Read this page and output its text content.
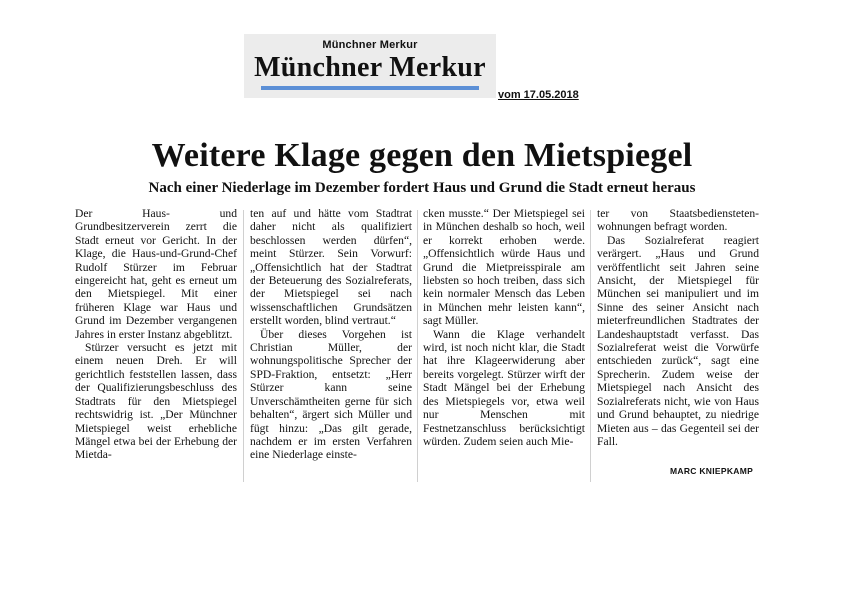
Münchner Merkur
Münchner Merkur
vom 17.05.2018
Weitere Klage gegen den Mietspiegel
Nach einer Niederlage im Dezember fordert Haus und Grund die Stadt erneut heraus

Der Haus- und Grundbesitzerverein zerrt die Stadt erneut vor Gericht. In der Klage, die Haus-und-Grund-Chef Rudolf Stürzer im Februar eingereicht hat, geht es erneut um den Mietspiegel. Mit einer früheren Klage war Haus und Grund im Dezember vergangenen Jahres in erster Instanz abgeblitzt.

Stürzer versucht es jetzt mit einem neuen Dreh. Er will gerichtlich feststellen lassen, dass der Qualifizierungsbeschluss des Stadtrats für den Mietspiegel rechtswidrig ist. „Der Münchner Mietspiegel weist erhebliche Mängel etwa bei der Erhebung der Mietda-

ten auf und hätte vom Stadtrat daher nicht als qualifiziert beschlossen werden dürfen“, meint Stürzer. Sein Vorwurf: „Offensichtlich hat der Stadtrat der Beteuerung des Sozialreferats, der Mietspiegel sei nach wissenschaftlichen Grundsätzen erstellt worden, blind vertraut.“

Über dieses Vorgehen ist Christian Müller, der wohnungspolitische Sprecher der SPD-Fraktion, entsetzt: „Herr Stürzer kann seine Unverschämtheiten gerne für sich behalten“, ärgert sich Müller und fügt hinzu: „Das gilt gerade, nachdem er im ersten Verfahren eine Niederlage einste-

cken musste.“ Der Mietspiegel sei in München deshalb so hoch, weil er korrekt erhoben werde. „Offensichtlich würde Haus und Grund die Mietpreisspirale am liebsten so hoch treiben, dass sich kein normaler Mensch das Leben in München mehr leisten kann“, sagt Müller.

Wann die Klage verhandelt wird, ist noch nicht klar, die Stadt hat ihre Klageerwiderung aber bereits vorgelegt. Stürzer wirft der Stadt Mängel bei der Erhebung des Mietspiegels vor, etwa weil nur Menschen mit Festnetzanschluss berücksichtigt würden. Zudem seien auch Mie-

ter von Staatsbediensteten-wohnungen befragt worden.

Das Sozialreferat reagiert verärgert. „Haus und Grund veröffentlicht seit Jahren seine Ansicht, der Mietspiegel für München sei manipuliert und im Sinne des seiner Ansicht nach mieterfreundlichen Stadtrates der Landeshauptstadt verfasst. Das Sozialreferat weist die Vorwürfe entschieden zurück“, sagt eine Sprecherin. Zudem weise der Mietspiegel nach Ansicht des Sozialreferats nicht, wie von Haus und Grund behauptet, zu niedrige Mieten aus – das Gegenteil sei der Fall.

MARC KNIEPKAMP
